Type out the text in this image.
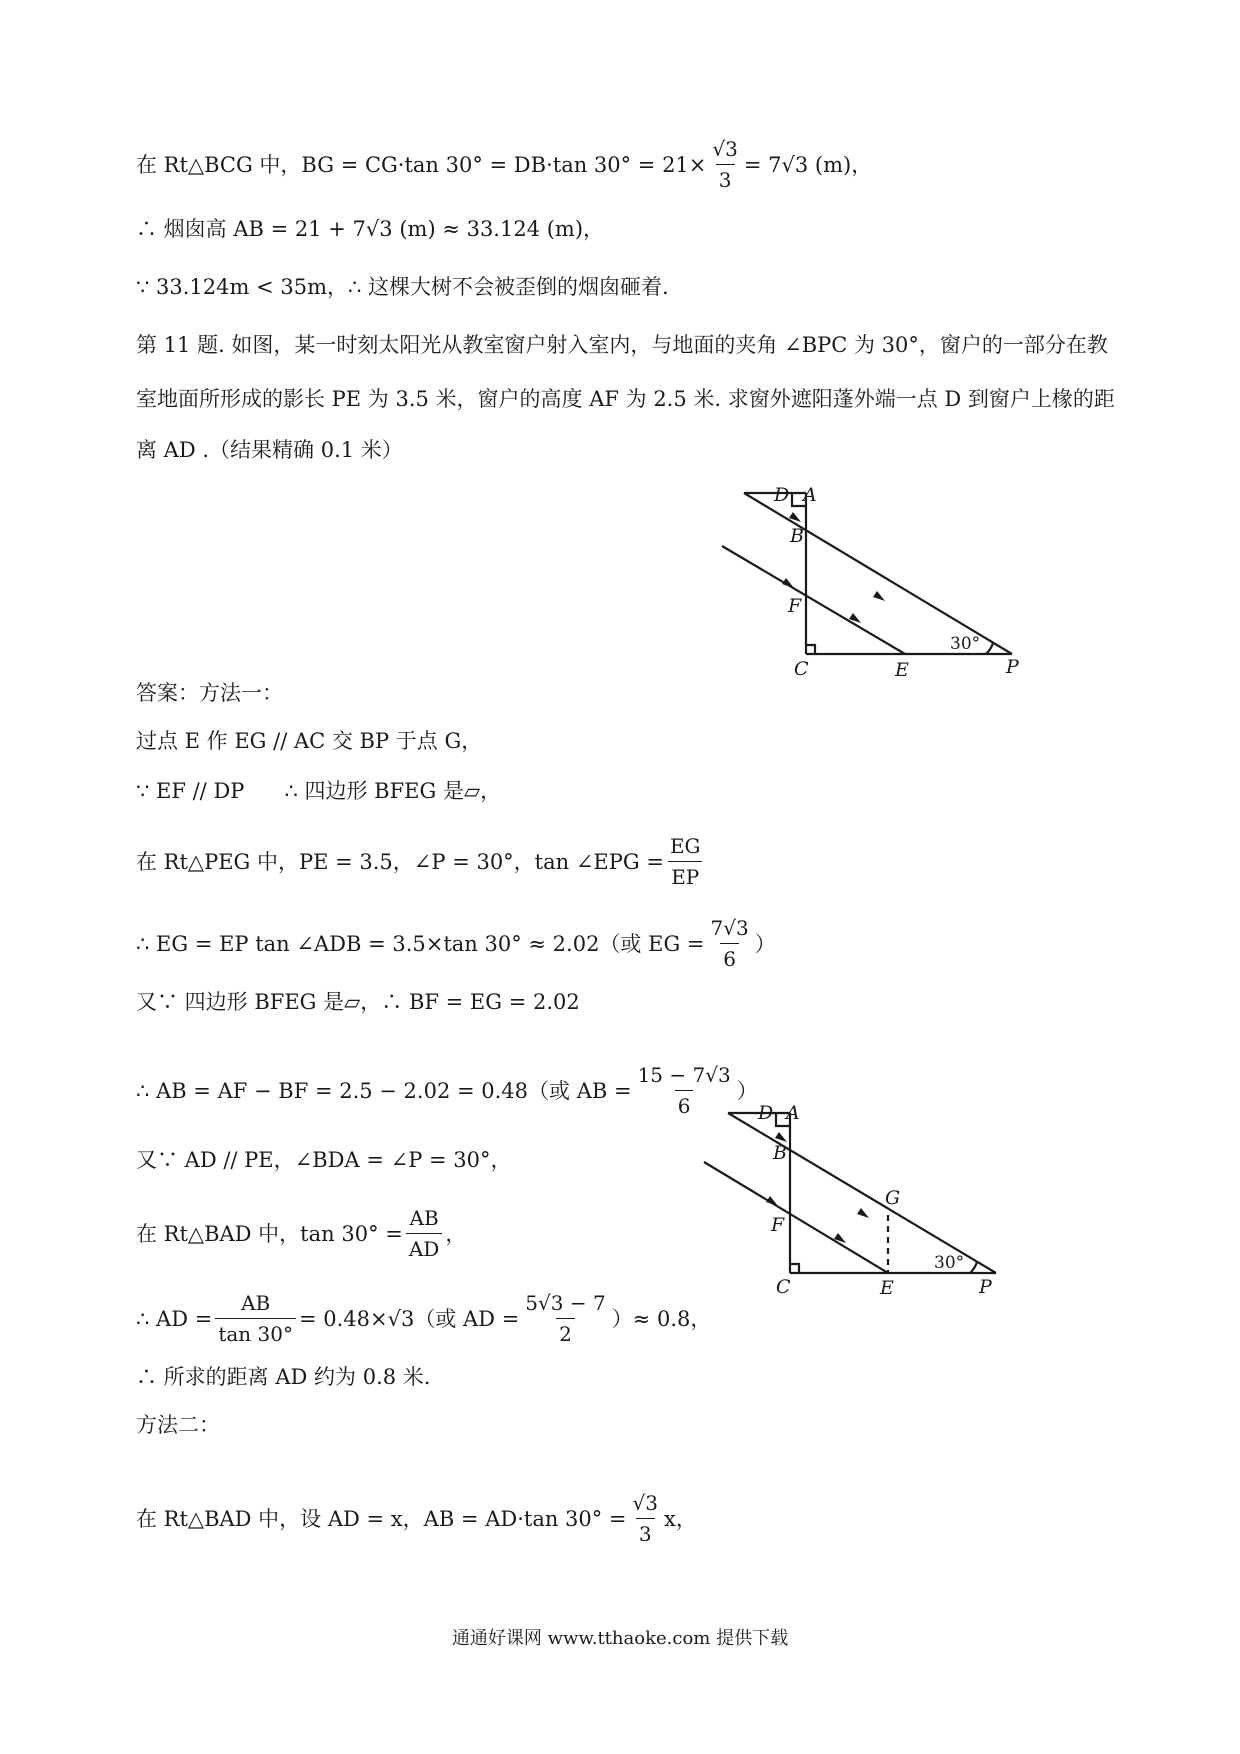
在 Rt△BCG 中，BG = CG·tan 30° = DB·tan $30^\circ = 21\times \frac{√3}{3} = 7√3$ (m)，
∴ 烟囱高 AB = 21 + 7√3 (m) ≈ 33.124 (m)，
∵ 33.124m < 35m，∴ 这棵大树不会被歪倒的烟囱砸着.
第 11 题. 如图，某一时刻太阳光从教室窗户射入室内，与地面的夹角 ∠BPC 为 30°，窗户的一部分在教
室地面所形成的影长 PE 为 3.5 米，窗户的高度 AF 为 2.5 米. 求窗外遮阳蓬外端一点 D 到窗户上椽的距
离 AD .（结果精确 0.1 米）
D A
B
F
C	E	P
30°
答案：方法一：
过点 E 作 EG // AC 交 BP 于点 G，
∵ EF // DP      ∴ 四边形 BFEG 是▱，
在 Rt△PEG 中，PE = 3.5，∠P = 30°，tan ∠EPG = $\frac{EG}{EP}$
∴ EG = EP tan ∠ADB = 3.5×tan 30° ≈ 2.02（或 EG = $\frac{7√3}{6}$ ）
又∵ 四边形 BFEG 是▱，∴ BF = EG = 2.02
∴ AB = AF − BF = 2.5 − 2.02 = 0.48（或 AB = $\frac{15 - 7√3}{6}$ ）
又∵ AD // PE，∠BDA = ∠P = 30°，
在 Rt△BAD 中，$\tan 30^\circ = \frac{AB}{AD}$ ，
∴ AD = $\frac{AB}{\tan 30^\circ} = 0.48\times√3$（或 AD = $\frac{5√3 - 7}{2}$ ）≈ 0.8，
∴ 所求的距离 AD 约为 0.8 米.
方法二：
在 Rt△BAD 中，设 AD = x，AB = AD·tan $30^\circ = \frac{√3}{3}$ x，
D A
B
G
F
C	E	P
30°
通通好课网 www.tthaoke.com 提供下载
